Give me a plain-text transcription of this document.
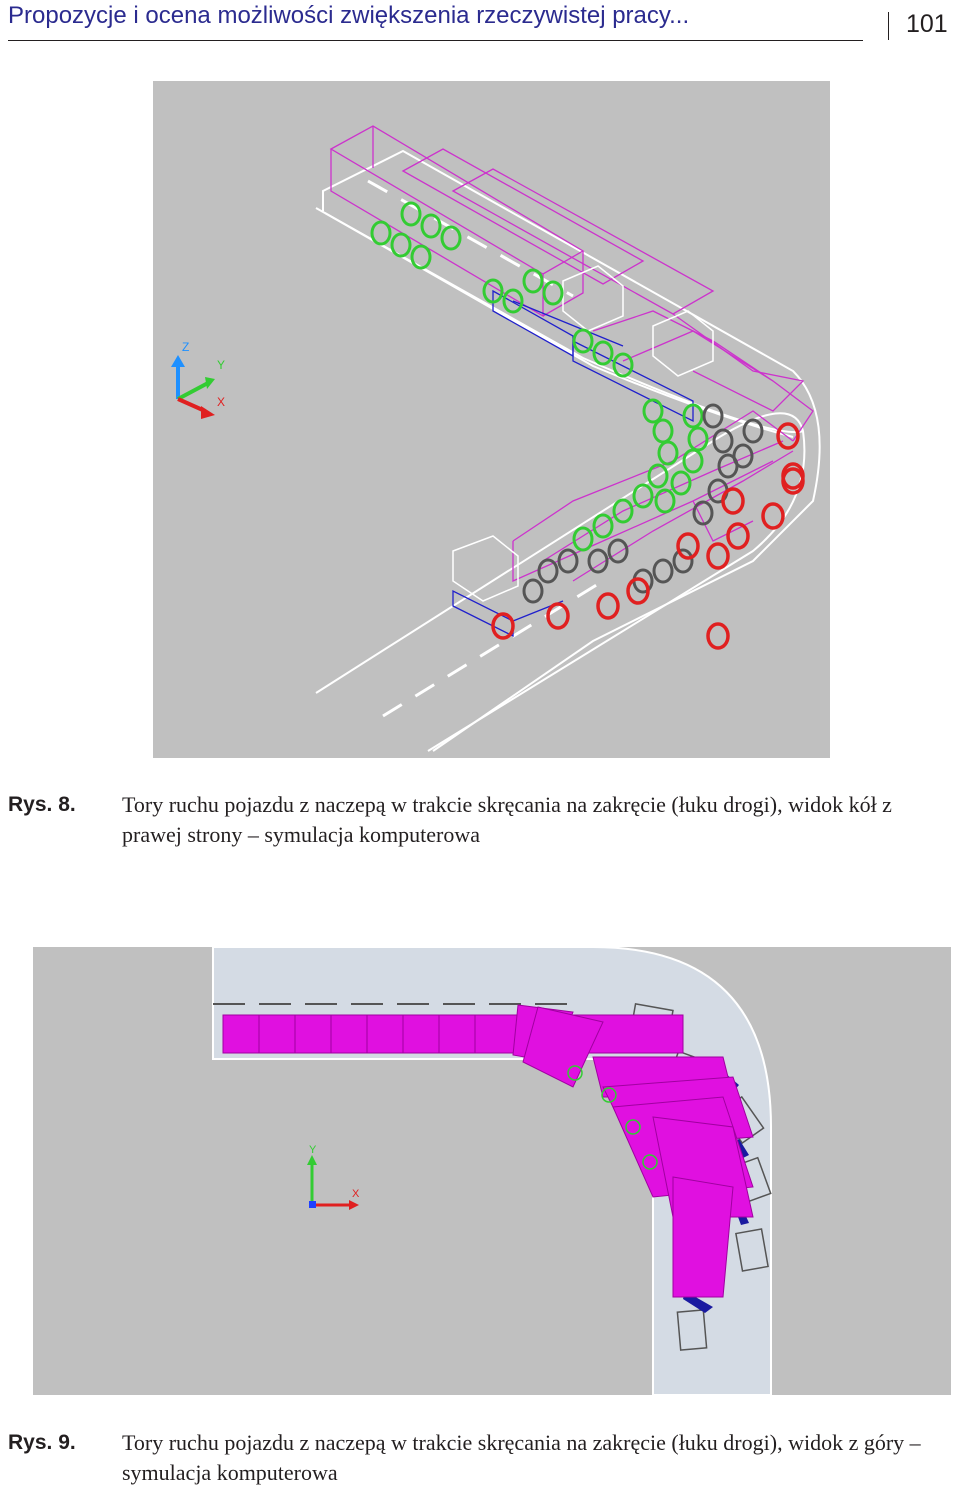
Propozycje i ocena możliwości zwiększenia rzeczywistej pracy...	101
Z
Y
X
Rys. 8. Tory ruchu pojazdu z naczepą w trakcie skręcania na zakręcie (łuku drogi), widok kół z prawej strony – symulacja komputerowa
Y
X
Rys. 9. Tory ruchu pojazdu z naczepą w trakcie skręcania na zakręcie (łuku drogi), widok z góry – symulacja komputerowa
